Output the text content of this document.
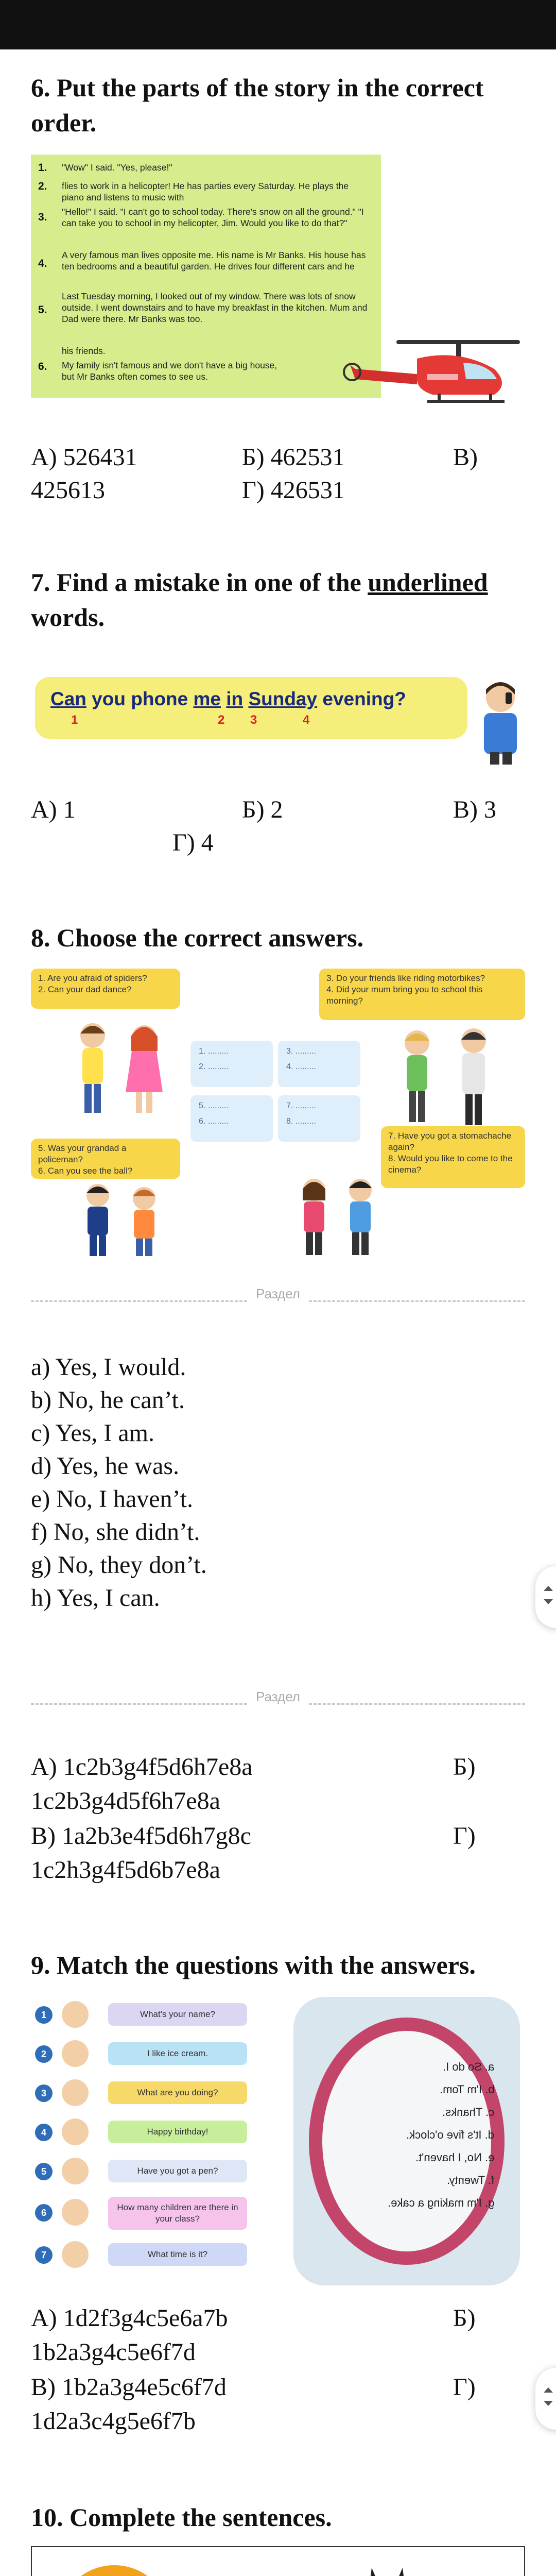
6. Put the parts of the story in the correct order.
1. "Wow" I said. "Yes, please!"
2. flies to work in a helicopter! He has parties every Saturday. He plays the piano and listens to music with
3. "Hello!" I said. "I can't go to school today. There's snow on all the ground." "I can take you to school in my helicopter, Jim. Would you like to do that?"
4.
A very famous man lives opposite me. His name is Mr Banks. His house has ten bedrooms and a beautiful garden. He drives four different cars and he
5.
Last Tuesday morning, I looked out of my window. There was lots of snow outside. I went downstairs and to have my breakfast in the kitchen. Mum and Dad were there. Mr Banks was too.
his friends.
6. My family isn't famous and we don't have a big house, but Mr Banks often comes to see us.
А) 526431	Б) 462531	В)
425613	Г) 426531
7. Find a mistake in one of the underlined words.
Can you phone me in Sunday evening?
1	2 3	4
А) 1	Б) 2	В) 3
Г) 4
8. Choose the correct answers.
1. Are you afraid of spiders?
2. Can your dad dance?
3. Do your friends like riding motorbikes?
4. Did your mum bring you to school this morning?
5. Was your grandad a policeman?
6. Can you see the ball?
7. Have you got a stomachache again?
8. Would you like to come to the cinema?
1. .........
2. .........
3. .........
4. .........
5. .........
6. .........
7. .........
8. .........
Раздел
a) Yes, I would.
b) No, he can’t.
c) Yes, I am.
d) Yes, he was.
e) No, I haven’t.
f) No, she didn’t.
g) No, they don’t.
h) Yes, I can.
Раздел
А) 1c2b3g4f5d6h7e8a	Б)
1c2b3g4d5f6h7e8a
В) 1a2b3e4f5d6h7g8c	Г)
1c2h3g4f5d6b7e8a
9. Match the questions with the answers.
1	What's your name?
2	I like ice cream.
3	What are you doing?
4	Happy birthday!
5	Have you got a pen?
6
How many children are there in your class?
7	What time is it?
a. So do I.
b. I'm Tom.
c. Thanks.
d. It's five o'clock.
e. No, I haven't.
f. Twenty.
g. I'm making a cake.
А) 1d2f3g4c5e6a7b	Б)
1b2a3g4c5e6f7d
В) 1b2a3g4e5c6f7d	Г)
1d2a3c4g5e6f7b
10. Complete the sentences.
